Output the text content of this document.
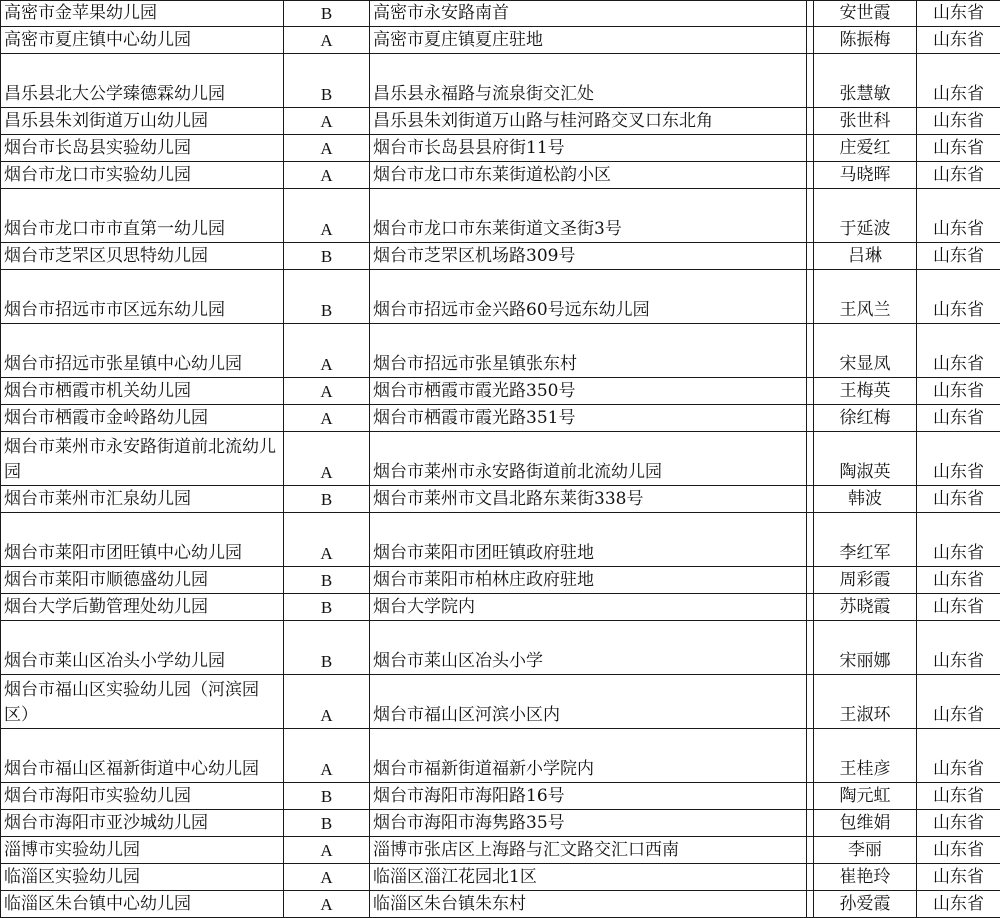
高密市金苹果幼儿园	B	高密市永安路南首		安世霞	山东省
高密市夏庄镇中心幼儿园	A	高密市夏庄镇夏庄驻地		陈振梅	山东省
昌乐县北大公学臻德霖幼儿园	B	昌乐县永福路与流泉街交汇处		张慧敏	山东省
昌乐县朱刘街道万山幼儿园	A	昌乐县朱刘街道万山路与桂河路交叉口东北角		张世科	山东省
烟台市长岛县实验幼儿园	A	烟台市长岛县县府街11号		庄爱红	山东省
烟台市龙口市实验幼儿园	A	烟台市龙口市东莱街道松韵小区		马晓晖	山东省
烟台市龙口市市直第一幼儿园	A	烟台市龙口市东莱街道文圣街3号		于延波	山东省
烟台市芝罘区贝思特幼儿园	B	烟台市芝罘区机场路309号		吕琳	山东省
烟台市招远市市区远东幼儿园	B	烟台市招远市金兴路60号远东幼儿园		王风兰	山东省
烟台市招远市张星镇中心幼儿园	A	烟台市招远市张星镇张东村		宋显凤	山东省
烟台市栖霞市机关幼儿园	A	烟台市栖霞市霞光路350号		王梅英	山东省
烟台市栖霞市金岭路幼儿园	A	烟台市栖霞市霞光路351号		徐红梅	山东省
烟台市莱州市永安路街道前北流幼儿园	A	烟台市莱州市永安路街道前北流幼儿园		陶淑英	山东省
烟台市莱州市汇泉幼儿园	B	烟台市莱州市文昌北路东莱街338号		韩波	山东省
烟台市莱阳市团旺镇中心幼儿园	A	烟台市莱阳市团旺镇政府驻地		李红军	山东省
烟台市莱阳市顺德盛幼儿园	B	烟台市莱阳市柏林庄政府驻地		周彩霞	山东省
烟台大学后勤管理处幼儿园	B	烟台大学院内		苏晓霞	山东省
烟台市莱山区冶头小学幼儿园	B	烟台市莱山区冶头小学		宋丽娜	山东省
烟台市福山区实验幼儿园（河滨园区）	A	烟台市福山区河滨小区内		王淑环	山东省
烟台市福山区福新街道中心幼儿园	A	烟台市福新街道福新小学院内		王桂彦	山东省
烟台市海阳市实验幼儿园	B	烟台市海阳市海阳路16号		陶元虹	山东省
烟台市海阳市亚沙城幼儿园	B	烟台市海阳市海隽路35号		包维娟	山东省
淄博市实验幼儿园	A	淄博市张店区上海路与汇文路交汇口西南		李丽	山东省
临淄区实验幼儿园	A	临淄区淄江花园北1区		崔艳玲	山东省
临淄区朱台镇中心幼儿园	A	临淄区朱台镇朱东村		孙爱霞	山东省
